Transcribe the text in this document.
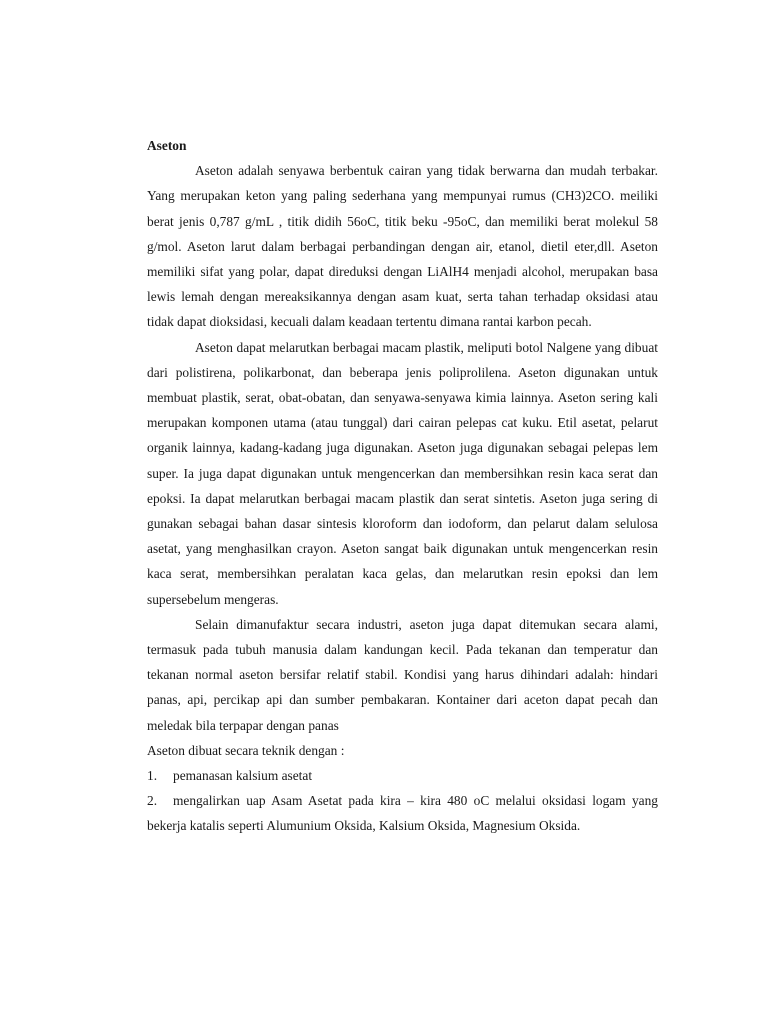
Aseton

Aseton adalah senyawa berbentuk cairan yang tidak berwarna dan mudah terbakar. Yang merupakan keton yang paling sederhana yang mempunyai rumus (CH3)2CO. meiliki berat jenis 0,787 g/mL , titik didih 56oC, titik beku -95oC, dan memiliki berat molekul 58 g/mol. Aseton larut dalam berbagai perbandingan dengan air, etanol, dietil eter,dll. Aseton memiliki sifat yang polar, dapat direduksi dengan LiAlH4 menjadi alcohol, merupakan basa lewis lemah dengan mereaksikannya dengan asam kuat, serta tahan terhadap oksidasi atau tidak dapat dioksidasi, kecuali dalam keadaan tertentu dimana rantai karbon pecah.

Aseton dapat melarutkan berbagai macam plastik, meliputi botol Nalgene yang dibuat dari polistirena, polikarbonat, dan beberapa jenis poliprolilena. Aseton digunakan untuk membuat plastik, serat, obat-obatan, dan senyawa-senyawa kimia lainnya. Aseton sering kali merupakan komponen utama (atau tunggal) dari cairan pelepas cat kuku. Etil asetat, pelarut organik lainnya, kadang-kadang juga digunakan. Aseton juga digunakan sebagai pelepas lem super. Ia juga dapat digunakan untuk mengencerkan dan membersihkan resin kaca serat dan epoksi. Ia dapat melarutkan berbagai macam plastik dan serat sintetis. Aseton juga sering di gunakan sebagai bahan dasar sintesis kloroform dan iodoform, dan pelarut dalam selulosa asetat, yang menghasilkan crayon. Aseton sangat baik digunakan untuk mengencerkan resin kaca serat, membersihkan peralatan kaca gelas, dan melarutkan resin epoksi dan lem supersebelum mengeras.

Selain dimanufaktur secara industri, aseton juga dapat ditemukan secara alami, termasuk pada tubuh manusia dalam kandungan kecil. Pada tekanan dan temperatur dan tekanan normal aseton bersifar relatif stabil. Kondisi yang harus dihindari adalah: hindari panas, api, percikap api dan sumber pembakaran. Kontainer dari aceton dapat pecah dan meledak bila terpapar dengan panas

Aseton dibuat secara teknik dengan :

1. pemanasan kalsium asetat

2. mengalirkan uap Asam Asetat pada kira – kira 480 oC melalui oksidasi logam yang bekerja katalis seperti Alumunium Oksida, Kalsium Oksida, Magnesium Oksida.
